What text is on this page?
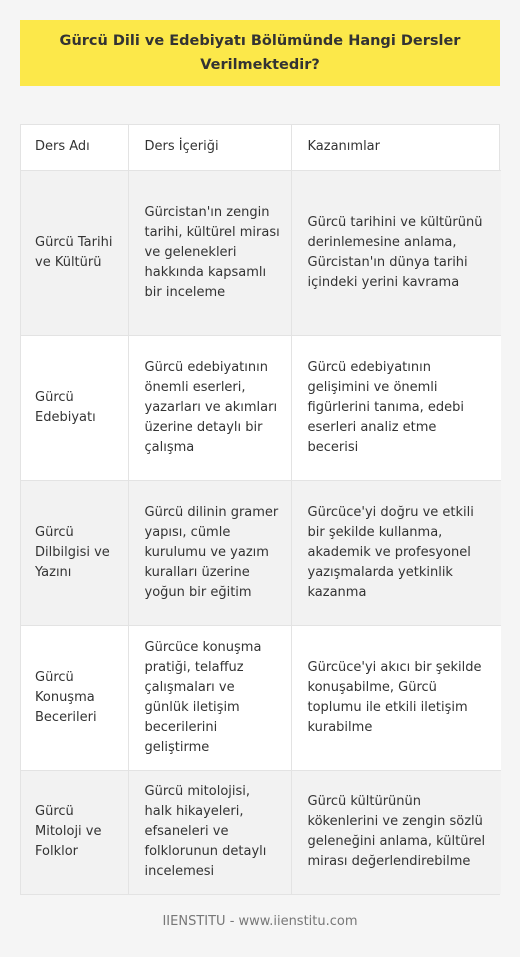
Gürcü Dili ve Edebiyatı Bölümünde Hangi Dersler Verilmektedir?
Ders Adı	Ders İçeriği	Kazanımlar
Gürcü Tarihi ve Kültürü	Gürcistan'ın zengin tarihi, kültürel mirası ve gelenekleri hakkında kapsamlı bir inceleme	Gürcü tarihini ve kültürünü derinlemesine anlama, Gürcistan'ın dünya tarihi içindeki yerini kavrama
Gürcü Edebiyatı	Gürcü edebiyatının önemli eserleri, yazarları ve akımları üzerine detaylı bir çalışma	Gürcü edebiyatının gelişimini ve önemli figürlerini tanıma, edebi eserleri analiz etme becerisi
Gürcü Dilbilgisi ve Yazını	Gürcü dilinin gramer yapısı, cümle kurulumu ve yazım kuralları üzerine yoğun bir eğitim	Gürcüce'yi doğru ve etkili bir şekilde kullanma, akademik ve profesyonel yazışmalarda yetkinlik kazanma
Gürcü Konuşma Becerileri	Gürcüce konuşma pratiği, telaffuz çalışmaları ve günlük iletişim becerilerini geliştirme	Gürcüce'yi akıcı bir şekilde konuşabilme, Gürcü toplumu ile etkili iletişim kurabilme
Gürcü Mitoloji ve Folklor	Gürcü mitolojisi, halk hikayeleri, efsaneleri ve folklorunun detaylı incelemesi	Gürcü kültürünün kökenlerini ve zengin sözlü geleneğini anlama, kültürel mirası değerlendirebilme
IIENSTITU - www.iienstitu.com
